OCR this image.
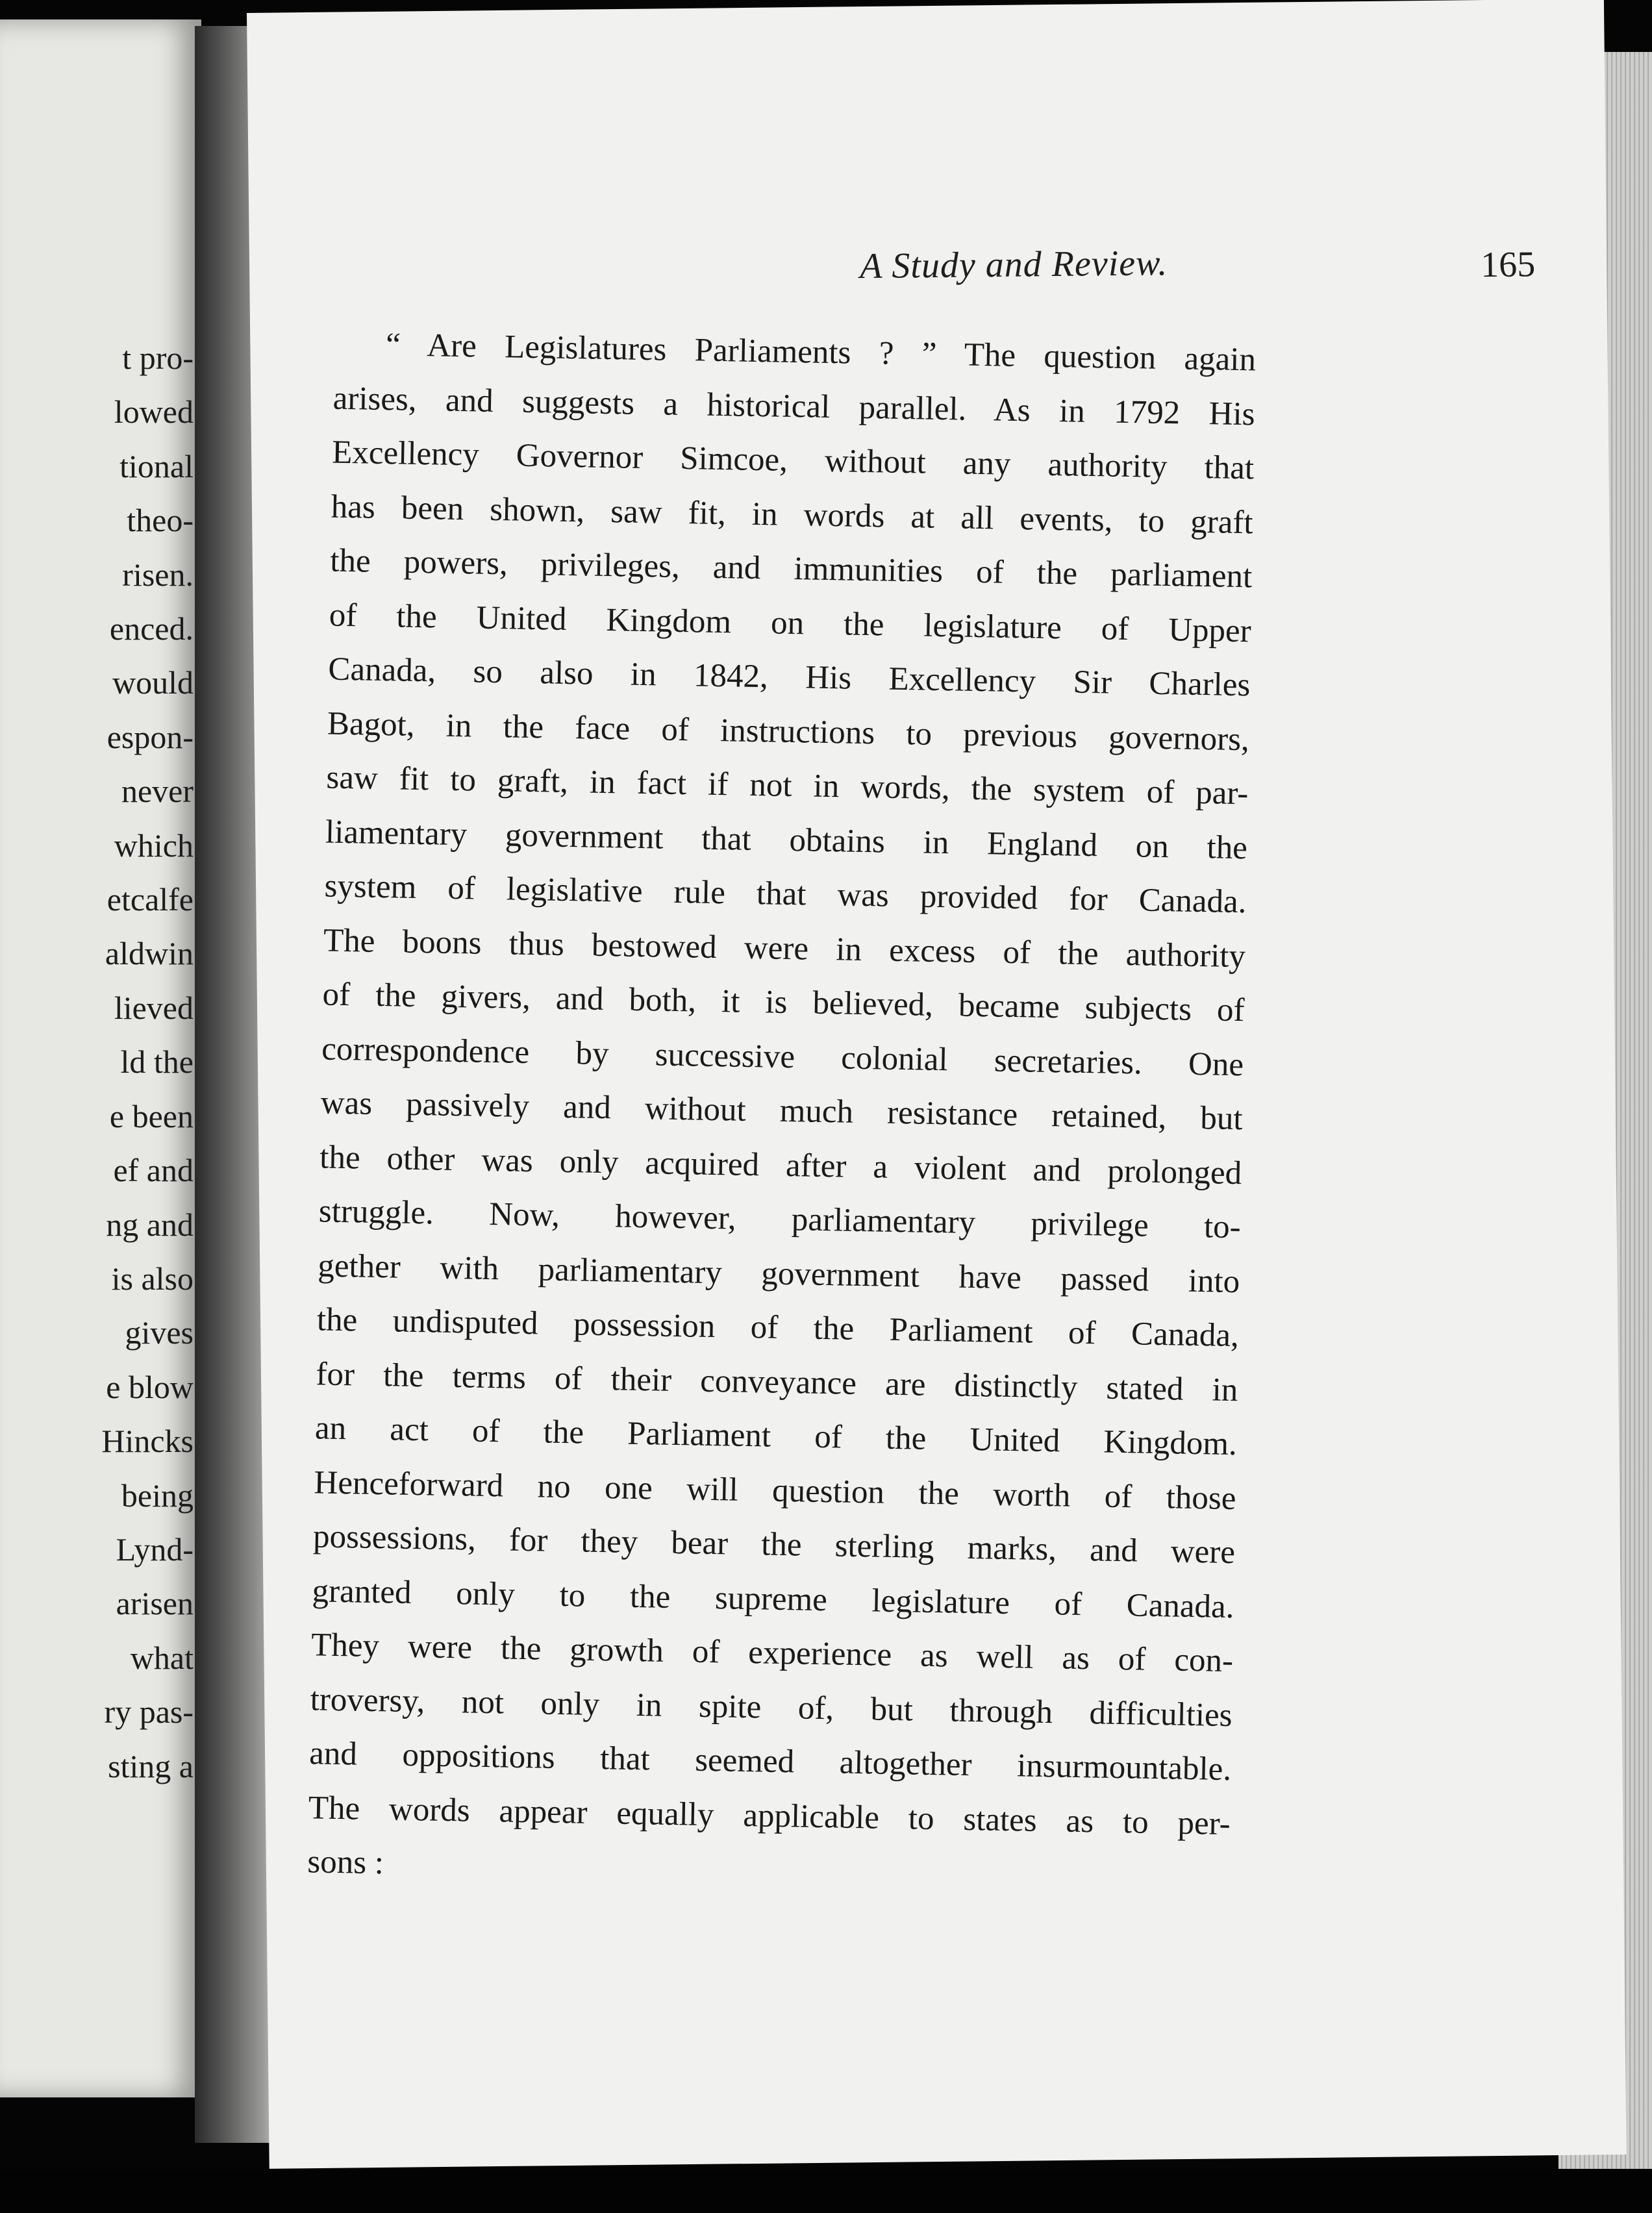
t pro-
lowed
tional
theo-
risen.
enced.
would
espon-
never
which
etcalfe
aldwin
lieved
ld the
e been
ef and
ng and
is also
gives
e blow
Hincks
being
Lynd-
arisen
what
ry pas-
sting a
A Study and Review.	165
“ Are Legislatures Parliaments ? ” The question again
arises, and suggests a historical parallel. As in 1792 His
Excellency Governor Simcoe, without any authority that
has been shown, saw fit, in words at all events, to graft
the powers, privileges, and immunities of the parliament
of the United Kingdom on the legislature of Upper
Canada, so also in 1842, His Excellency Sir Charles
Bagot, in the face of instructions to previous governors,
saw fit to graft, in fact if not in words, the system of par-
liamentary government that obtains in England on the
system of legislative rule that was provided for Canada.
The boons thus bestowed were in excess of the authority
of the givers, and both, it is believed, became subjects of
correspondence by successive colonial secretaries. One
was passively and without much resistance retained, but
the other was only acquired after a violent and prolonged
struggle. Now, however, parliamentary privilege to-
gether with parliamentary government have passed into
the undisputed possession of the Parliament of Canada,
for the terms of their conveyance are distinctly stated in
an act of the Parliament of the United Kingdom.
Henceforward no one will question the worth of those
possessions, for they bear the sterling marks, and were
granted only to the supreme legislature of Canada.
They were the growth of experience as well as of con-
troversy, not only in spite of, but through difficulties
and oppositions that seemed altogether insurmountable.
The words appear equally applicable to states as to per-
sons :
